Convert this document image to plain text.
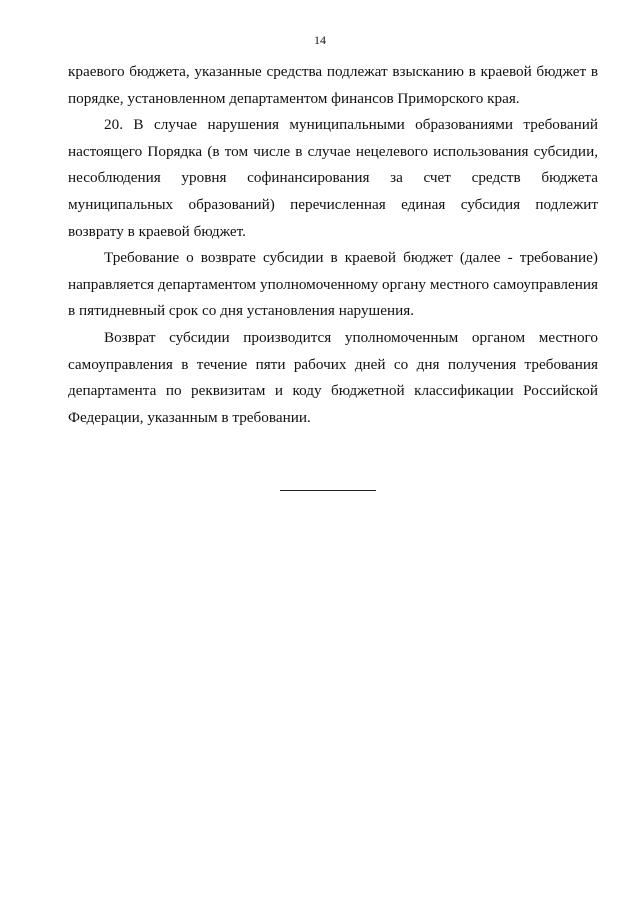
14

краевого бюджета, указанные средства подлежат взысканию в краевой бюджет в порядке, установленном департаментом финансов Приморского края.

20. В случае нарушения муниципальными образованиями требований настоящего Порядка (в том числе в случае нецелевого использования субсидии, несоблюдения уровня софинансирования за счет средств бюджета муниципальных образований) перечисленная единая субсидия подлежит возврату в краевой бюджет.

Требование о возврате субсидии в краевой бюджет (далее - требование) направляется департаментом уполномоченному органу местного самоуправления в пятидневный срок со дня установления нарушения.

Возврат субсидии производится уполномоченным органом местного самоуправления в течение пяти рабочих дней со дня получения требования департамента по реквизитам и коду бюджетной классификации Российской Федерации, указанным в требовании.
